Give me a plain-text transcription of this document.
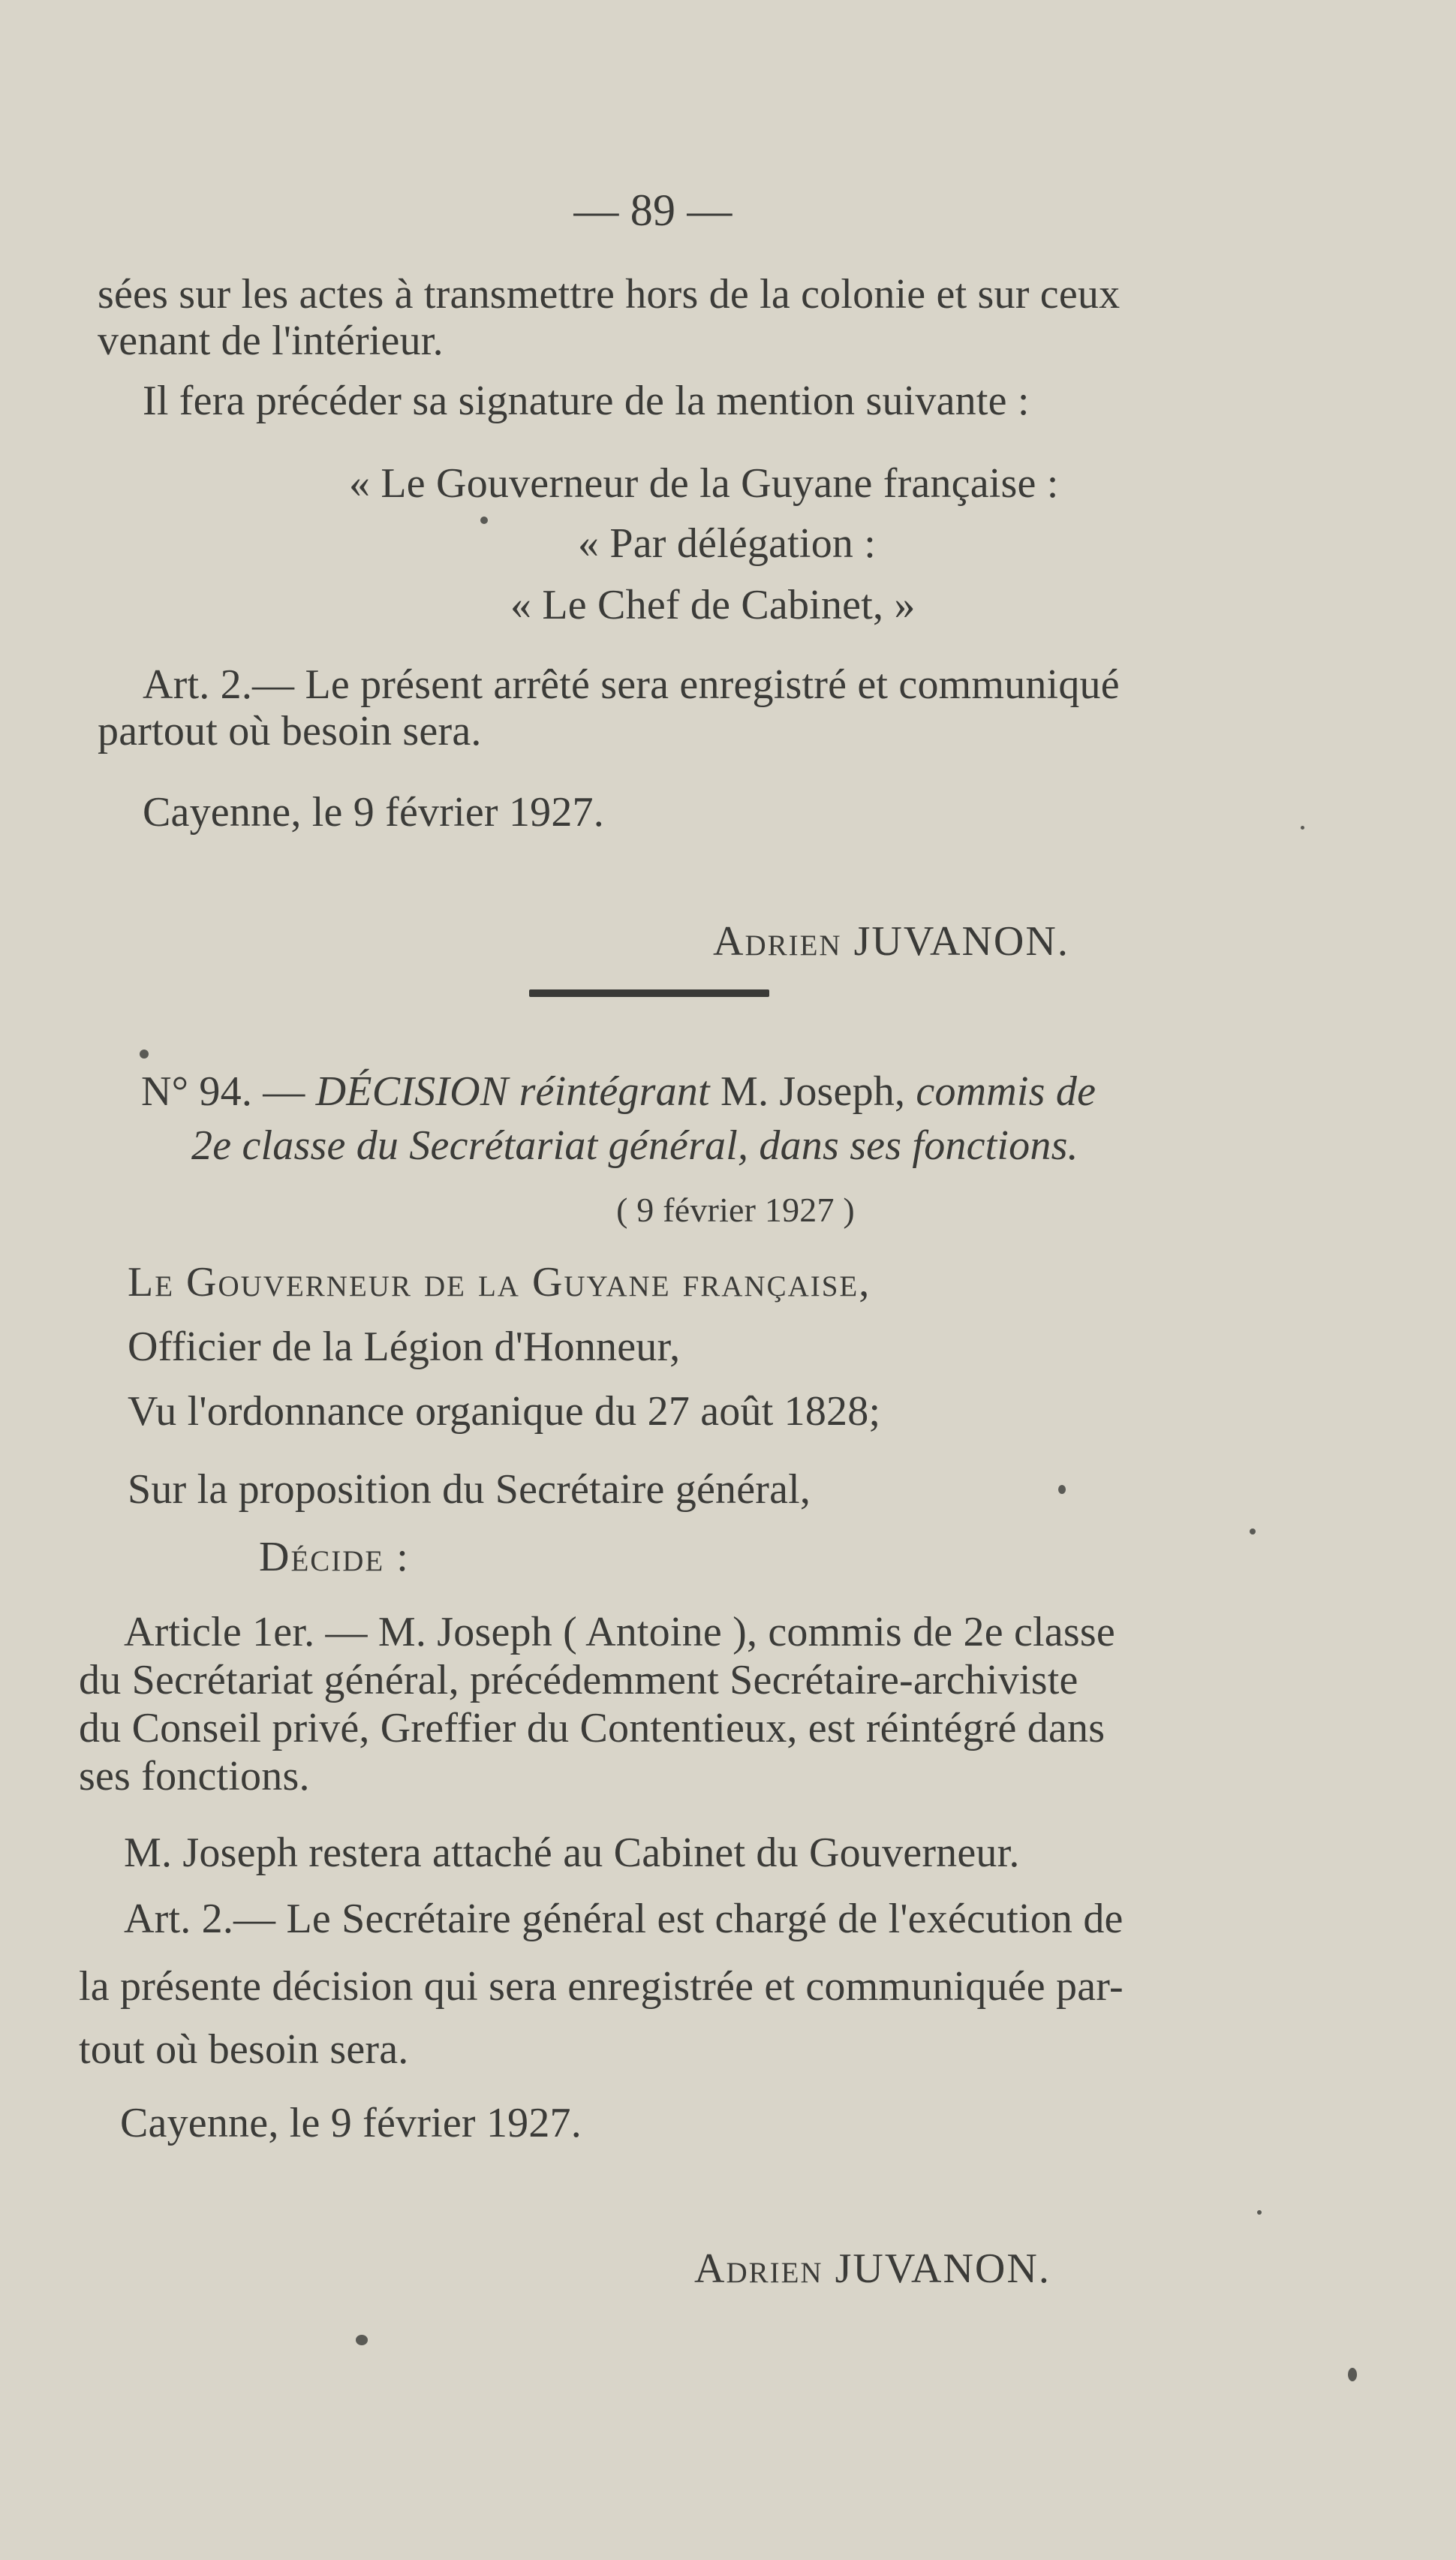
— 89 —
sées sur les actes à transmettre hors de la colonie et sur ceux
venant de l'intérieur.
Il fera précéder sa signature de la mention suivante :
« Le Gouverneur de la Guyane française :
« Par délégation :
« Le Chef de Cabinet, »
Art. 2.— Le présent arrêté sera enregistré et communiqué
partout où besoin sera.
Cayenne, le 9 février 1927.
Adrien JUVANON.
N° 94. — DÉCISION réintégrant M. Joseph, commis de
2e classe du Secrétariat général, dans ses fonctions.
( 9 février 1927 )
Le Gouverneur de la Guyane française,
Officier de la Légion d'Honneur,
Vu l'ordonnance organique du 27 août 1828;
Sur la proposition du Secrétaire général,
Décide :
Article 1er. — M. Joseph ( Antoine ), commis de 2e classe
du Secrétariat général, précédemment Secrétaire-archiviste
du Conseil privé, Greffier du Contentieux, est réintégré dans
ses fonctions.
M. Joseph restera attaché au Cabinet du Gouverneur.
Art. 2.— Le Secrétaire général est chargé de l'exécution de
la présente décision qui sera enregistrée et communiquée par-
tout où besoin sera.
Cayenne, le 9 février 1927.
Adrien JUVANON.
